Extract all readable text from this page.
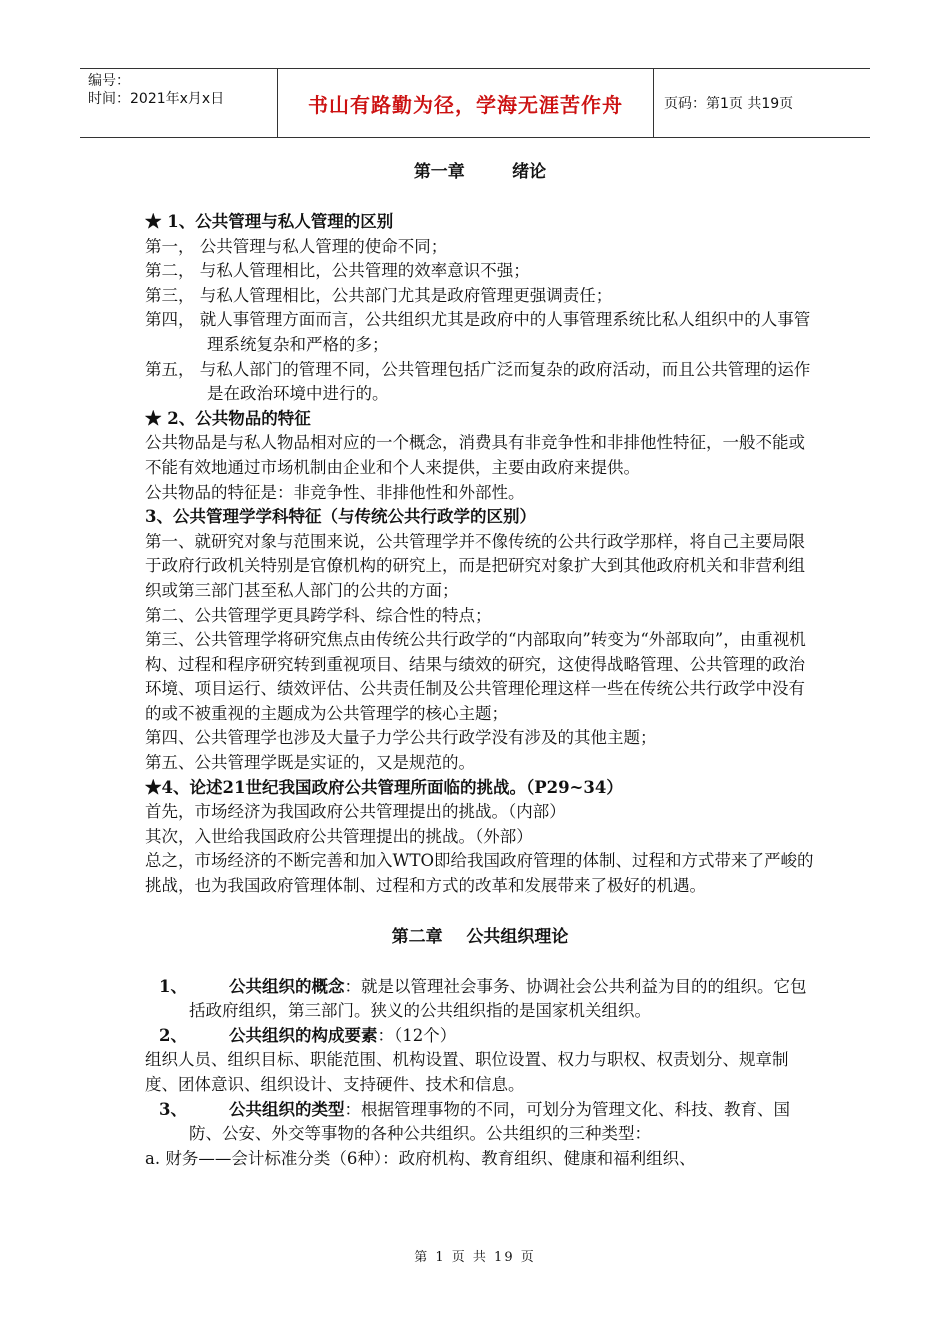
编号：
时间：2021年x月x日	书山有路勤为径，学海无涯苦作舟	页码：第1页 共19页

第一章        绪论

★ 1、公共管理与私人管理的区别

第一， 公共管理与私人管理的使命不同；

第二， 与私人管理相比，公共管理的效率意识不强；

第三， 与私人管理相比，公共部门尤其是政府管理更强调责任；

第四， 就人事管理方面而言，公共组织尤其是政府中的人事管理系统比私人组织中的人事管理系统复杂和严格的多；

第五， 与私人部门的管理不同，公共管理包括广泛而复杂的政府活动，而且公共管理的运作是在政治环境中进行的。

★ 2、公共物品的特征

公共物品是与私人物品相对应的一个概念，消费具有非竞争性和非排他性特征，一般不能或不能有效地通过市场机制由企业和个人来提供，主要由政府来提供。

公共物品的特征是：非竞争性、非排他性和外部性。

3、公共管理学学科特征（与传统公共行政学的区别）

第一、就研究对象与范围来说，公共管理学并不像传统的公共行政学那样，将自己主要局限于政府行政机关特别是官僚机构的研究上，而是把研究对象扩大到其他政府机关和非营利组织或第三部门甚至私人部门的公共的方面；

第二、公共管理学更具跨学科、综合性的特点；

第三、公共管理学将研究焦点由传统公共行政学的“内部取向”转变为“外部取向”，由重视机构、过程和程序研究转到重视项目、结果与绩效的研究，这使得战略管理、公共管理的政治环境、项目运行、绩效评估、公共责任制及公共管理伦理这样一些在传统公共行政学中没有的或不被重视的主题成为公共管理学的核心主题；

第四、公共管理学也涉及大量子力学公共行政学没有涉及的其他主题；

第五、公共管理学既是实证的，又是规范的。

★4、论述21世纪我国政府公共管理所面临的挑战。（P29~34）

首先，市场经济为我国政府公共管理提出的挑战。（内部）

其次，入世给我国政府公共管理提出的挑战。（外部）

总之，市场经济的不断完善和加入WTO即给我国政府管理的体制、过程和方式带来了严峻的挑战，也为我国政府管理体制、过程和方式的改革和发展带来了极好的机遇。

第二章    公共组织理论

1、	公共组织的概念：就是以管理社会事务、协调社会公共利益为目的的组织。它包括政府组织，第三部门。狭义的公共组织指的是国家机关组织。

2、	公共组织的构成要素：（12个）

组织人员、组织目标、职能范围、机构设置、职位设置、权力与职权、权责划分、规章制度、团体意识、组织设计、支持硬件、技术和信息。

3、	公共组织的类型：根据管理事物的不同，可划分为管理文化、科技、教育、国防、公安、外交等事物的各种公共组织。公共组织的三种类型：

a. 财务——会计标准分类（6种）：政府机构、教育组织、健康和福利组织、

第 1 页 共 19 页
